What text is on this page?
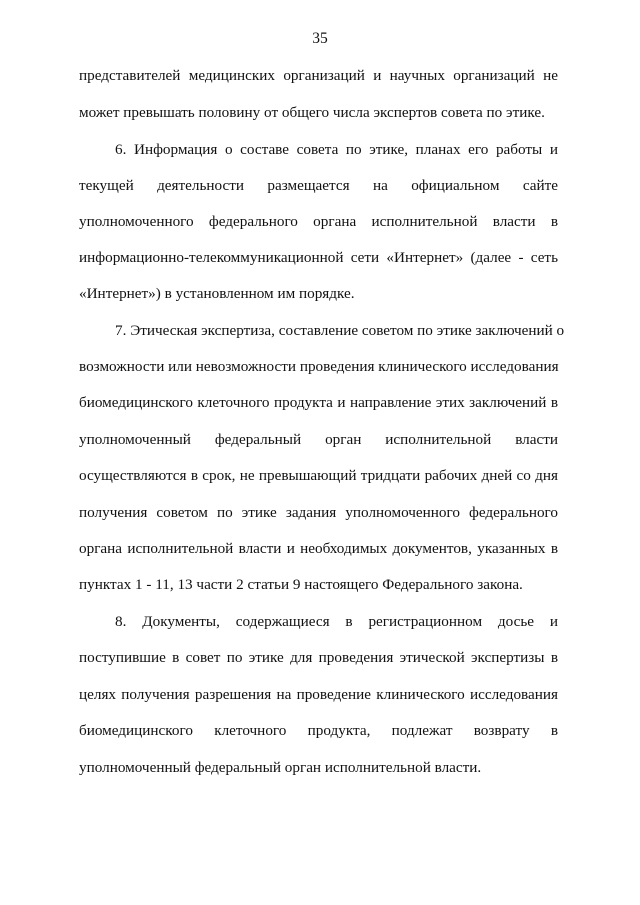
35
представителей медицинских организаций и научных организаций не
может превышать половину от общего числа экспертов совета по этике.
6. Информация о составе совета по этике, планах его работы и
текущей деятельности размещается на официальном сайте
уполномоченного федерального органа исполнительной власти в
информационно-телекоммуникационной сети «Интернет» (далее - сеть
«Интернет») в установленном им порядке.
7. Этическая экспертиза, составление советом по этике заключений о
возможности или невозможности проведения клинического исследования
биомедицинского клеточного продукта и направление этих заключений в
уполномоченный федеральный орган исполнительной власти
осуществляются в срок, не превышающий тридцати рабочих дней со дня
получения советом по этике задания уполномоченного федерального
органа исполнительной власти и необходимых документов, указанных в
пунктах 1 - 11, 13 части 2 статьи 9 настоящего Федерального закона.
8. Документы, содержащиеся в регистрационном досье и
поступившие в совет по этике для проведения этической экспертизы в
целях получения разрешения на проведение клинического исследования
биомедицинского клеточного продукта, подлежат возврату в
уполномоченный федеральный орган исполнительной власти.
